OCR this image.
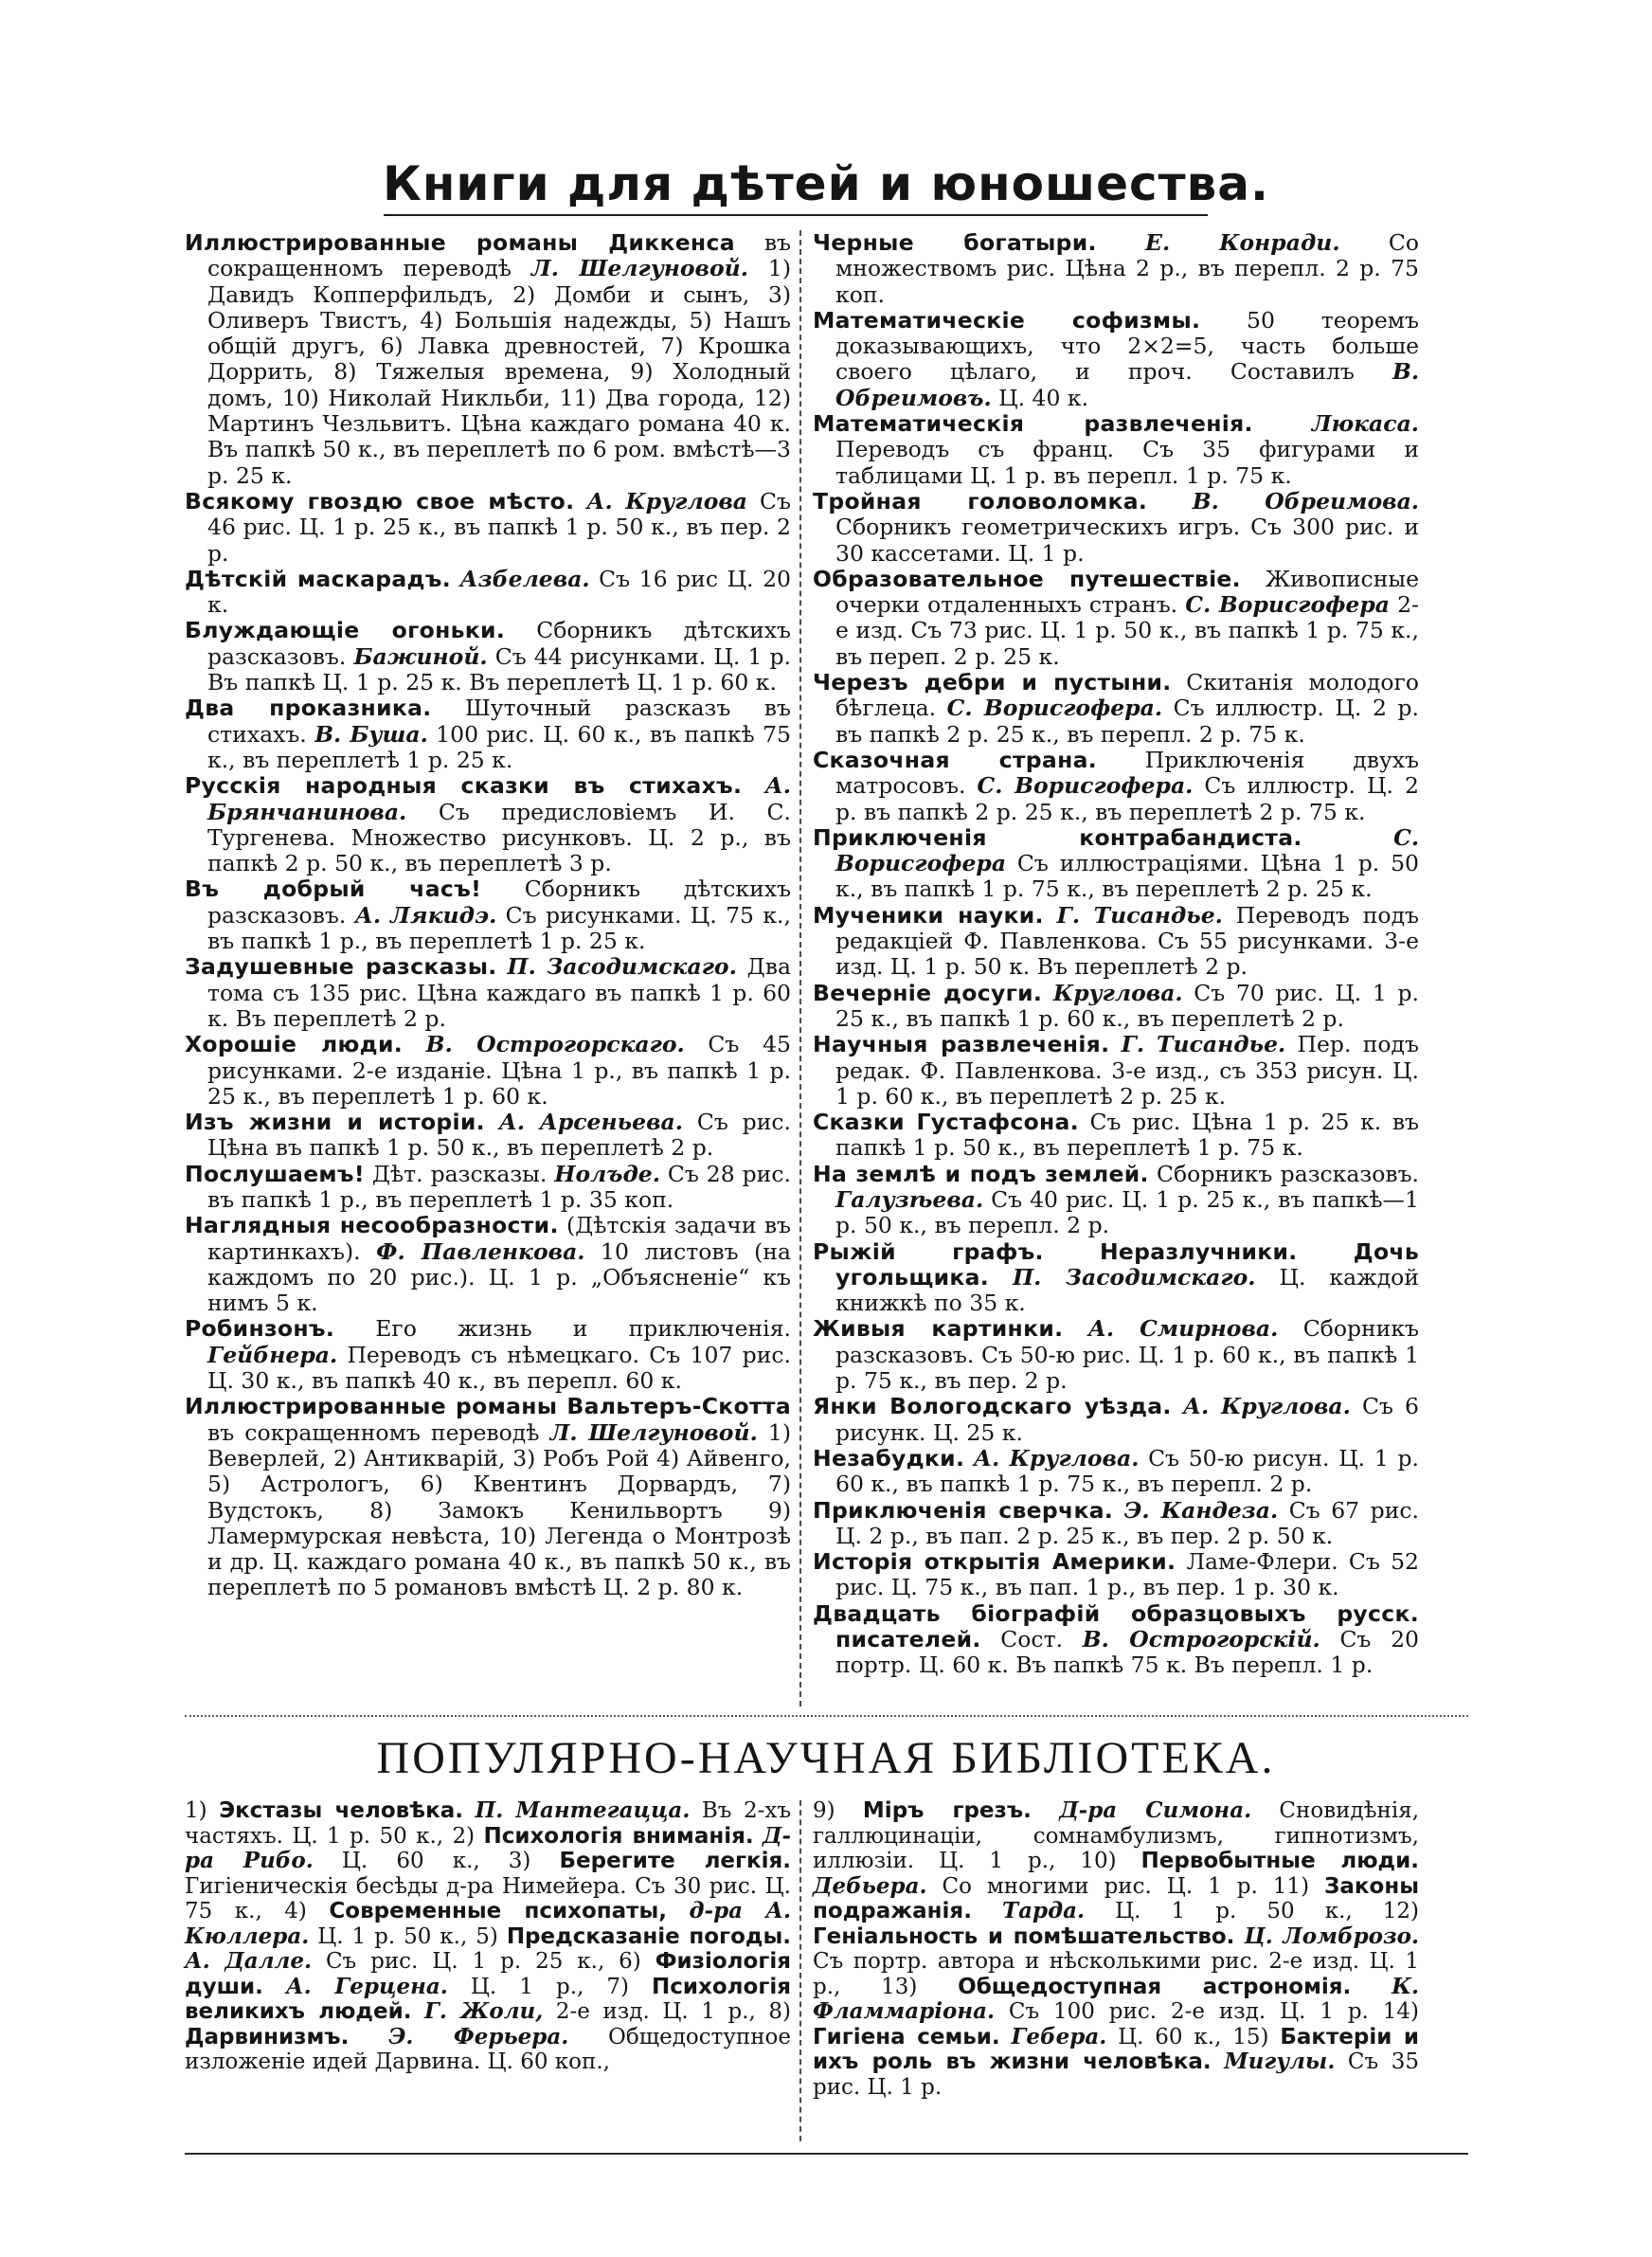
Книги для дѣтей и юношества.

Иллюстрированные романы Диккенса въ сокращенномъ переводѣ Л. Шелгуновой. 1) Давидъ Копперфильдъ, 2) Домби и сынъ, 3) Оливеръ Твистъ, 4) Большія надежды, 5) Нашъ общій другъ, 6) Лавка древностей, 7) Крошка Доррить, 8) Тяжелыя времена, 9) Холодный домъ, 10) Николай Никльби, 11) Два города, 12) Мартинъ Чезльвитъ. Цѣна каждаго романа 40 к. Въ папкѣ 50 к., въ переплетѣ по 6 ром. вмѣстѣ—3 р. 25 к.

Всякому гвоздю свое мѣсто. А. Круглова Съ 46 рис. Ц. 1 р. 25 к., въ папкѣ 1 р. 50 к., въ пер. 2 р.

Дѣтскій маскарадъ. Азбелева. Съ 16 рис Ц. 20 к.

Блуждающіе огоньки. Сборникъ дѣтскихъ разсказовъ. Бажиной. Съ 44 рисунками. Ц. 1 р. Въ папкѣ Ц. 1 р. 25 к. Въ переплетѣ Ц. 1 р. 60 к.

Два проказника. Шуточный разсказъ въ стихахъ. В. Буша. 100 рис. Ц. 60 к., въ папкѣ 75 к., въ переплетѣ 1 р. 25 к.

Русскія народныя сказки въ стихахъ. А. Брянчанинова. Съ предисловіемъ И. С. Тургенева. Множество рисунковъ. Ц. 2 р., въ папкѣ 2 р. 50 к., въ переплетѣ 3 р.

Въ добрый часъ! Сборникъ дѣтскихъ разсказовъ. А. Лякидэ. Съ рисунками. Ц. 75 к., въ папкѣ 1 р., въ переплетѣ 1 р. 25 к.

Задушевные разсказы. П. Засодимскаго. Два тома съ 135 рис. Цѣна каждаго въ папкѣ 1 р. 60 к. Въ переплетѣ 2 р.

Хорошіе люди. В. Острогорскаго. Съ 45 рисунками. 2-е изданіе. Цѣна 1 р., въ папкѣ 1 р. 25 к., въ переплетѣ 1 р. 60 к.

Изъ жизни и исторіи. А. Арсеньева. Съ рис. Цѣна въ папкѣ 1 р. 50 к., въ переплетѣ 2 р.

Послушаемъ! Дѣт. разсказы. Нолъде. Съ 28 рис. въ папкѣ 1 р., въ переплетѣ 1 р. 35 коп.

Наглядныя несообразности. (Дѣтскія задачи въ картинкахъ). Ф. Павленкова. 10 листовъ (на каждомъ по 20 рис.). Ц. 1 р. „Объясненіе“ къ нимъ 5 к.

Робинзонъ. Его жизнь и приключенія. Гейбнера. Переводъ съ нѣмецкаго. Съ 107 рис. Ц. 30 к., въ папкѣ 40 к., въ перепл. 60 к.

Иллюстрированные романы Вальтеръ-Скотта въ сокращенномъ переводѣ Л. Шелгуновой. 1) Веверлей, 2) Антикварій, 3) Робъ Рой 4) Айвенго, 5) Астрологъ, 6) Квентинъ Дорвардъ, 7) Вудстокъ, 8) Замокъ Кенильвортъ 9) Ламермурская невѣста, 10) Легенда о Монтрозѣ и др. Ц. каждаго романа 40 к., въ папкѣ 50 к., въ переплетѣ по 5 романовъ вмѣстѣ Ц. 2 р. 80 к.

Черные богатыри. Е. Конради. Со множествомъ рис. Цѣна 2 р., въ перепл. 2 р. 75 коп.

Математическіе софизмы. 50 теоремъ доказывающихъ, что 2×2=5, часть больше своего цѣлаго, и проч. Составилъ В. Обреимовъ. Ц. 40 к.

Математическія развлеченія.	Люкаса. Переводъ съ франц. Съ 35 фигурами и таблицами Ц. 1 р. въ перепл. 1 р. 75 к.

Тройная головоломка. В. Обреимова. Сборникъ геометрическихъ игръ. Съ 300 рис. и 30 кассетами. Ц. 1 р.

Образовательное путешествіе. Живописные очерки отдаленныхъ странъ. С. Ворисгофера 2-е изд. Съ 73 рис. Ц. 1 р. 50 к., въ папкѣ 1 р. 75 к., въ переп. 2 р. 25 к.

Черезъ дебри и пустыни. Скитанія молодого бѣглеца. С. Ворисгофера. Съ иллюстр. Ц. 2 р. въ папкѣ 2 р. 25 к., въ перепл. 2 р. 75 к.

Сказочная страна. Приключенія двухъ матросовъ. С. Ворисгофера. Съ иллюстр. Ц. 2 р. въ папкѣ 2 р. 25 к., въ переплетѣ 2 р. 75 к.

Приключенія контрабандиста.	С. Ворисгофера Съ иллюстраціями. Цѣна 1 р. 50 к., въ папкѣ 1 р. 75 к., въ переплетѣ 2 р. 25 к.

Мученики науки. Г. Тисандье. Переводъ подъ редакціей Ф. Павленкова. Съ 55 рисунками. 3-е изд. Ц. 1 р. 50 к. Въ переплетѣ 2 р.

Вечерніе досуги. Круглова. Съ 70 рис. Ц. 1 р. 25 к., въ папкѣ 1 р. 60 к., въ переплетѣ 2 р.

Научныя развлеченія. Г. Тисандье. Пер. подъ редак. Ф. Павленкова. 3-е изд., съ 353 рисун. Ц. 1 р. 60 к., въ переплетѣ 2 р. 25 к.

Сказки Густафсона. Съ рис. Цѣна 1 р. 25 к. въ папкѣ 1 р. 50 к., въ переплетѣ 1 р. 75 к.

На землѣ и подъ землей. Сборникъ разсказовъ. Галузѣева. Съ 40 рис. Ц. 1 р. 25 к., въ папкѣ—1 р. 50 к., въ перепл. 2 р.

Рыжій графъ. Неразлучники. Дочь угольщика. П. Засодимскаго. Ц. каждой книжкѣ по 35 к.

Живыя картинки. А. Смирнова. Сборникъ разсказовъ. Съ 50-ю рис. Ц. 1 р. 60 к., въ папкѣ 1 р. 75 к., въ пер. 2 р.

Янки Вологодскаго уѣзда. А. Круглова. Съ 6 рисунк. Ц. 25 к.

Незабудки. А. Круглова. Съ 50-ю рисун. Ц. 1 р. 60 к., въ папкѣ 1 р. 75 к., въ перепл. 2 р.

Приключенія сверчка. Э. Кандеза. Съ 67 рис. Ц. 2 р., въ пап. 2 р. 25 к., въ пер. 2 р. 50 к.

Исторія открытія Америки. Ламе-Флери. Съ 52 рис. Ц. 75 к., въ пап. 1 р., въ пер. 1 р. 30 к.

Двадцать біографій образцовыхъ русск. писателей. Сост. В. Острогорскій. Съ 20 портр. Ц. 60 к. Въ папкѣ 75 к. Въ перепл. 1 р.

ПОПУЛЯРНО-НАУЧНАЯ БИБЛІОТЕКА.

1) Экстазы человѣка. П. Мантегацца. Въ 2-хъ частяхъ. Ц. 1 р. 50 к., 2) Психологія вниманія. Д-ра Рибо. Ц. 60 к., 3) Берегите легкія. Гигіеническія бесѣды д-ра Нимейера. Съ 30 рис. Ц. 75 к., 4) Современные психопаты, д-ра А. Кюллера. Ц. 1 р. 50 к., 5) Предсказаніе погоды. А. Далле. Съ рис. Ц. 1 р. 25 к., 6) Физіологія души. А. Герцена. Ц. 1 р., 7) Психологія великихъ людей. Г. Жоли, 2-е изд. Ц. 1 р., 8) Дарвинизмъ. Э. Ферьера. Общедоступное изложеніе идей Дарвина. Ц. 60 коп.,

9) Міръ грезъ. Д-ра Симона. Сновидѣнія, галлюцинаціи, сомнамбулизмъ, гипнотизмъ, иллюзіи. Ц. 1 р., 10) Первобытные люди. Дебьера. Со многими рис. Ц. 1 р. 11) Законы подражанія. Тарда. Ц. 1 р. 50 к., 12) Геніальность и помѣшательство. Ц. Ломброзо. Съ портр. автора и нѣсколькими рис. 2-е изд. Ц. 1 р., 13) Общедоступная астрономія. К. Фламмаріона. Съ 100 рис. 2-е изд. Ц. 1 р. 14) Гигіена семьи. Гебера. Ц. 60 к., 15) Бактеріи и ихъ роль въ жизни человѣка. Мигулы. Съ 35 рис. Ц. 1 р.
